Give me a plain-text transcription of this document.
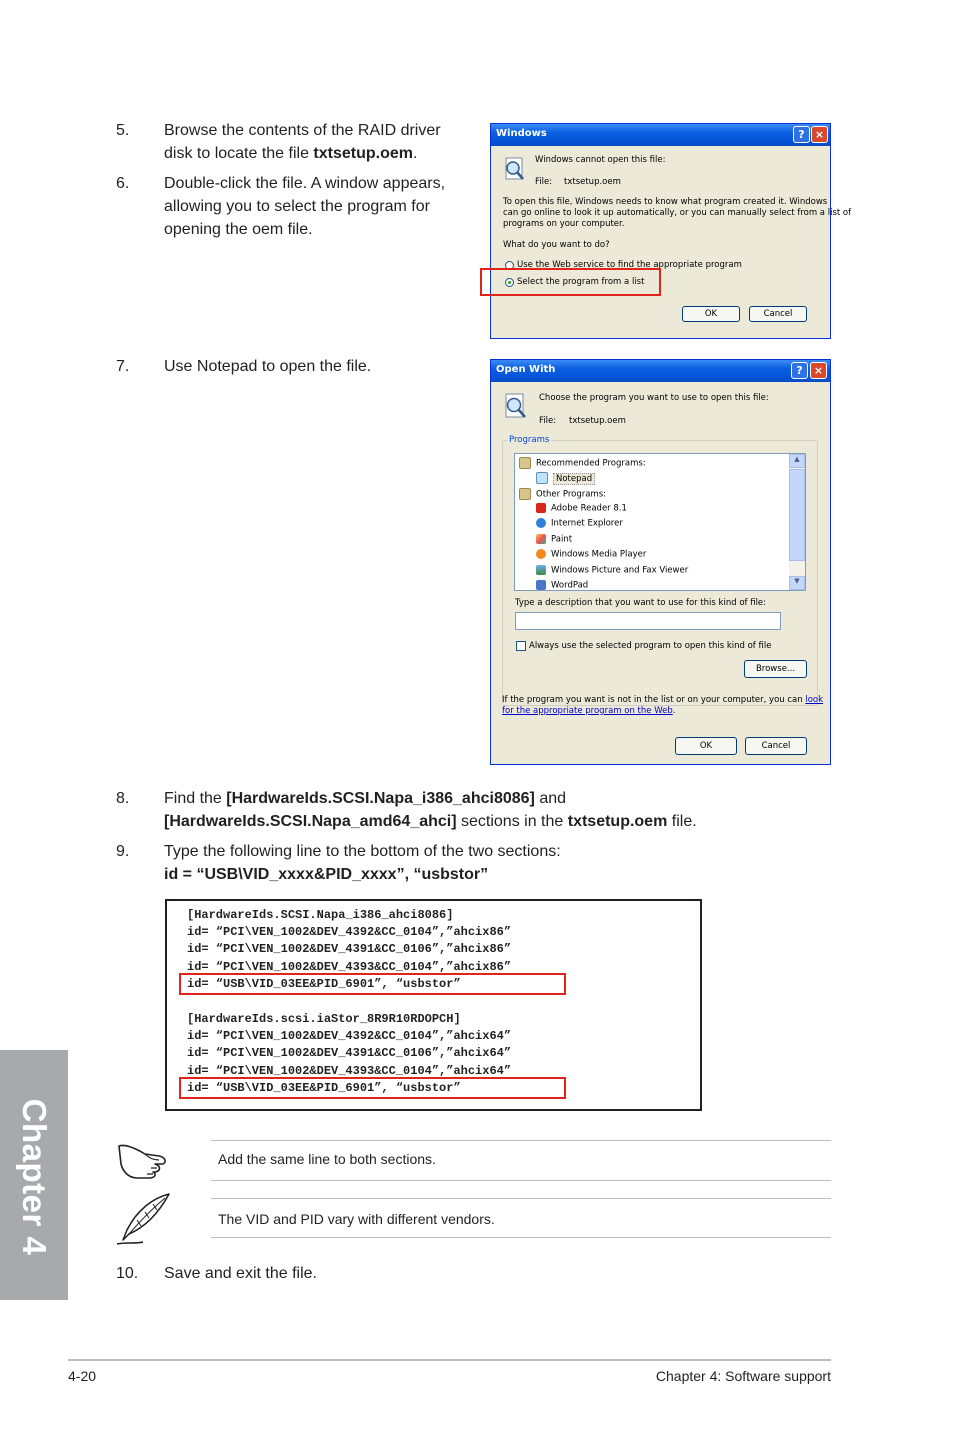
5. Browse the contents of the RAID driver
disk to locate the file txtsetup.oem.
6. Double-click the file. A window appears,
allowing you to select the program for
opening the oem file.
Windows	? ×
Windows cannot open this file:
File: txtsetup.oem
To open this file, Windows needs to know what program created it. Windows
can go online to look it up automatically, or you can manually select from a list of
programs on your computer.
What do you want to do?
Use the Web service to find the appropriate program
Select the program from a list
OK	Cancel
7. Use Notepad to open the file.	Open With	?	×
Choose the program you want to use to open this file:
File: txtsetup.oem
Programs
▲
▼
Recommended Programs:
Notepad
Other Programs:
Adobe Reader 8.1
Internet Explorer
Paint
Windows Media Player
Windows Picture and Fax Viewer
WordPad
Type a description that you want to use for this kind of file:
Always use the selected program to open this kind of file
Browse...
If the program you want is not in the list or on your computer, you can look
for the appropriate program on the Web.
OK	Cancel
8. Find the [HardwareIds.SCSI.Napa_i386_ahci8086] and
[HardwareIds.SCSI.Napa_amd64_ahci] sections in the txtsetup.oem file.
9. Type the following line to the bottom of the two sections:
id = “USB\VID_xxxx&PID_xxxx”, “usbstor”
[HardwareIds.SCSI.Napa_i386_ahci8086]
id= “PCI\VEN_1002&DEV_4392&CC_0104”,”ahcix86”
id= “PCI\VEN_1002&DEV_4391&CC_0106”,”ahcix86”
id= “PCI\VEN_1002&DEV_4393&CC_0104”,”ahcix86”
id= “USB\VID_03EE&PID_6901”, “usbstor”
[HardwareIds.scsi.iaStor_8R9R10RDOPCH]
id= “PCI\VEN_1002&DEV_4392&CC_0104”,”ahcix64”
id= “PCI\VEN_1002&DEV_4391&CC_0106”,”ahcix64”
id= “PCI\VEN_1002&DEV_4393&CC_0104”,”ahcix64”
id= “USB\VID_03EE&PID_6901”, “usbstor”
Add the same line to both sections.
The VID and PID vary with different vendors.
10. Save and exit the file.
Chapter 4
4-20	Chapter 4: Software support
